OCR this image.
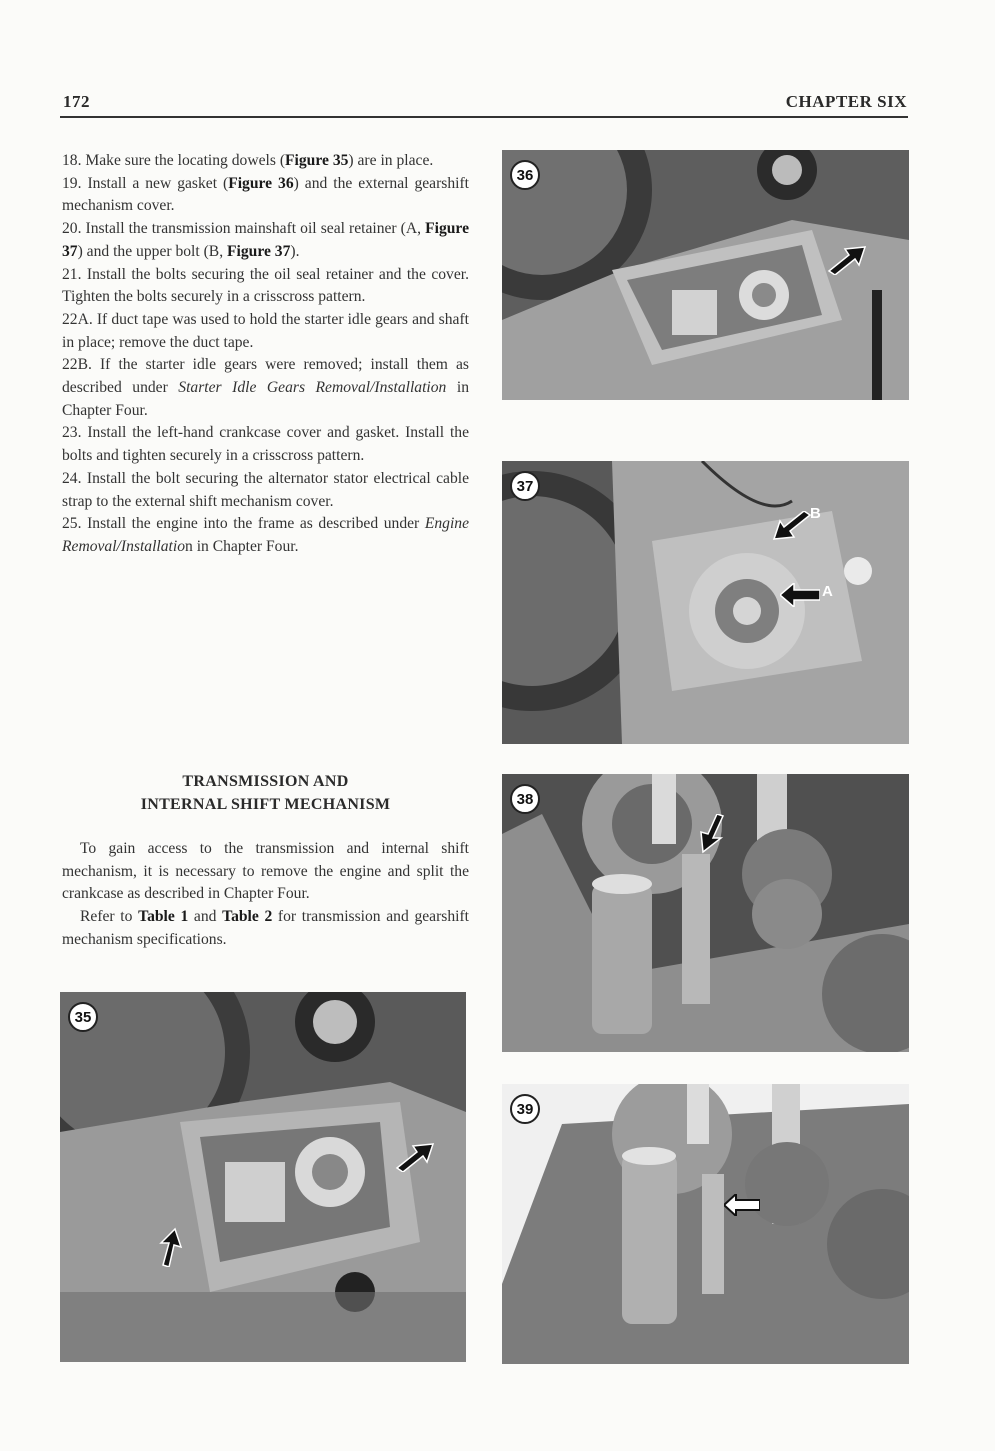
172	CHAPTER SIX

18. Make sure the locating dowels (Figure 35) are in place.

19. Install a new gasket (Figure 36) and the external gearshift mechanism cover.

20. Install the transmission mainshaft oil seal retainer (A, Figure 37) and the upper bolt (B, Figure 37).

21. Install the bolts securing the oil seal retainer and the cover. Tighten the bolts securely in a crisscross pattern.

22A. If duct tape was used to hold the starter idle gears and shaft in place; remove the duct tape.

22B. If the starter idle gears were removed; install them as described under Starter Idle Gears Removal/Installation in Chapter Four.

23. Install the left-hand crankcase cover and gasket. Install the bolts and tighten securely in a crisscross pattern.

24. Install the bolt securing the alternator stator electrical cable strap to the external shift mechanism cover.

25. Install the engine into the frame as described under Engine Removal/Installation in Chapter Four.

TRANSMISSION AND
INTERNAL SHIFT MECHANISM

To gain access to the transmission and internal shift mechanism, it is necessary to remove the engine and split the crankcase as described in Chapter Four.

Refer to Table 1 and Table 2 for transmission and gearshift mechanism specifications.

35
36
37
B
A
38
39
